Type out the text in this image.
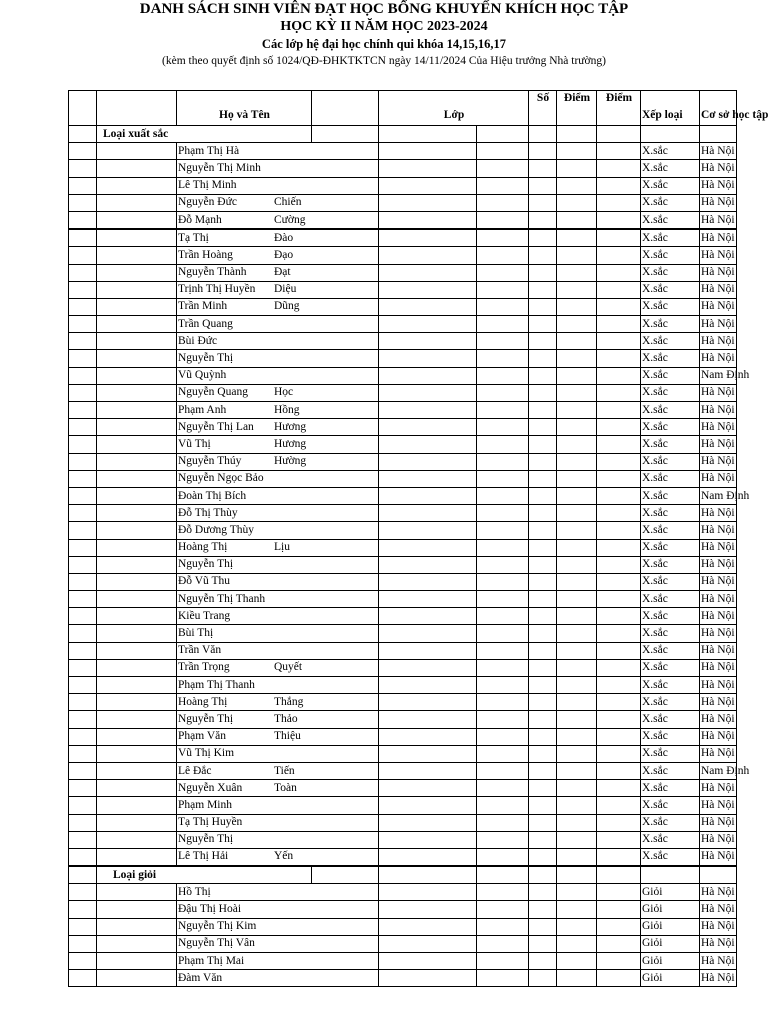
DANH SÁCH SINH VIÊN ĐẠT HỌC BỔNG KHUYẾN KHÍCH HỌC TẬP
HỌC KỲ II NĂM HỌC 2023-2024
Các lớp hệ đại học chính qui khóa 14,15,16,17
(kèm theo quyết định số 1024/QĐ-ĐHKTKTCN ngày 14/11/2024 Của Hiệu trưởng Nhà trường)
		Họ và Tên		Lớp		Số	Điểm	Điểm	Xếp loại	Cơ sở học tập
	Loại xuất sắc									
		Phạm Thị Hà							X.sắc	Hà Nội
		Nguyễn Thị Minh							X.sắc	Hà Nội
		Lê Thị Minh							X.sắc	Hà Nội
		Nguyễn Đức Chiến							X.sắc	Hà Nội
		Đỗ Mạnh Cường							X.sắc	Hà Nội
		Tạ Thị Đào							X.sắc	Hà Nội
		Trần Hoàng Đạo							X.sắc	Hà Nội
		Nguyễn Thành Đạt							X.sắc	Hà Nội
		Trịnh Thị Huyền Diệu							X.sắc	Hà Nội
		Trần Minh Dũng							X.sắc	Hà Nội
		Trần Quang							X.sắc	Hà Nội
		Bùi Đức							X.sắc	Hà Nội
		Nguyễn Thị							X.sắc	Hà Nội
		Vũ Quỳnh							X.sắc	Nam Định
		Nguyễn Quang Học							X.sắc	Hà Nội
		Phạm Anh Hồng							X.sắc	Hà Nội
		Nguyễn Thị Lan Hương							X.sắc	Hà Nội
		Vũ Thị Hương							X.sắc	Hà Nội
		Nguyễn Thúy Hường							X.sắc	Hà Nội
		Nguyễn Ngọc Bảo							X.sắc	Hà Nội
		Đoàn Thị Bích							X.sắc	Nam Định
		Đỗ Thị Thùy							X.sắc	Hà Nội
		Đỗ Dương Thùy							X.sắc	Hà Nội
		Hoàng Thị Lịu							X.sắc	Hà Nội
		Nguyễn Thị							X.sắc	Hà Nội
		Đỗ Vũ Thu							X.sắc	Hà Nội
		Nguyễn Thị Thanh							X.sắc	Hà Nội
		Kiều Trang							X.sắc	Hà Nội
		Bùi Thị							X.sắc	Hà Nội
		Trần Văn							X.sắc	Hà Nội
		Trần Trọng Quyết							X.sắc	Hà Nội
		Phạm Thị Thanh							X.sắc	Hà Nội
		Hoàng Thị Thắng							X.sắc	Hà Nội
		Nguyễn Thị Thảo							X.sắc	Hà Nội
		Phạm Văn Thiệu							X.sắc	Hà Nội
		Vũ Thị Kim							X.sắc	Hà Nội
		Lê Đắc Tiến							X.sắc	Nam Định
		Nguyễn Xuân Toàn							X.sắc	Hà Nội
		Phạm Minh							X.sắc	Hà Nội
		Tạ Thị Huyền							X.sắc	Hà Nội
		Nguyễn Thị							X.sắc	Hà Nội
		Lê Thị Hải Yến							X.sắc	Hà Nội
	Loại giỏi									
		Hồ Thị							Giỏi	Hà Nội
		Đậu Thị Hoài							Giỏi	Hà Nội
		Nguyễn Thị Kim							Giỏi	Hà Nội
		Nguyễn Thị Vân							Giỏi	Hà Nội
		Phạm Thị Mai							Giỏi	Hà Nội
		Đàm Văn							Giỏi	Hà Nội
